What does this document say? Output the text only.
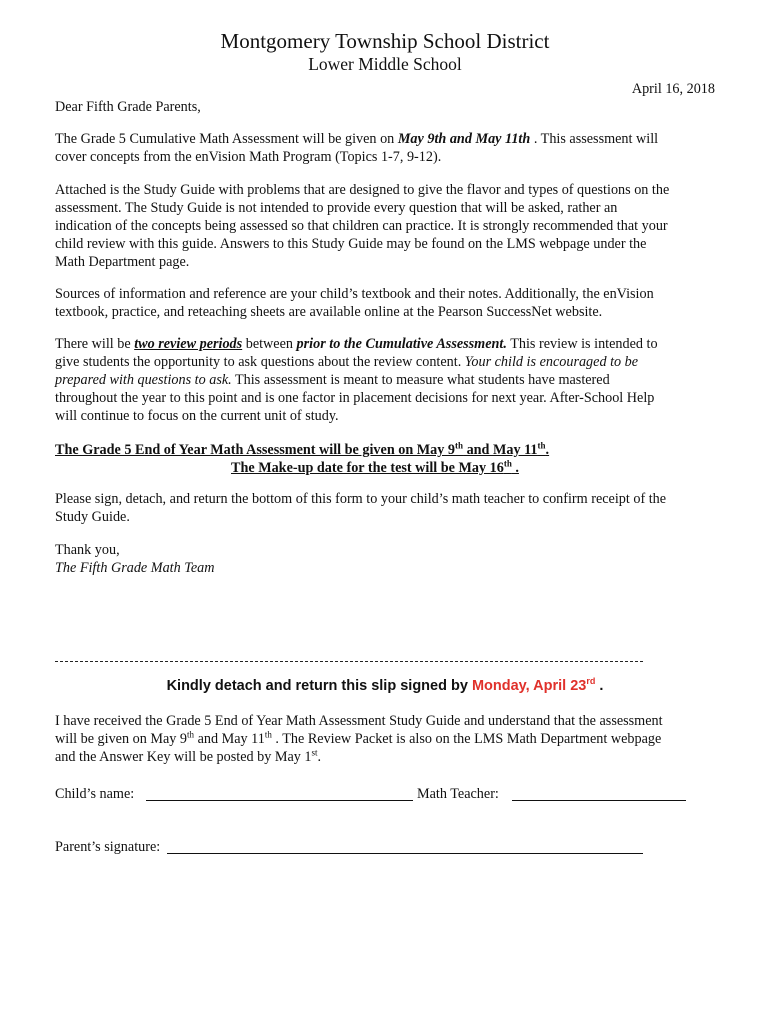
Montgomery Township School District
Lower Middle School
April 16, 2018
Dear Fifth Grade Parents,
The Grade 5 Cumulative Math Assessment will be given on May 9th and May 11th . This assessment will
cover concepts from the enVision Math Program (Topics 1-7, 9-12).
Attached is the Study Guide with problems that are designed to give the flavor and types of questions on the
assessment. The Study Guide is not intended to provide every question that will be asked, rather an
indication of the concepts being assessed so that children can practice. It is strongly recommended that your
child review with this guide. Answers to this Study Guide may be found on the LMS webpage under the
Math Department page.
Sources of information and reference are your child’s textbook and their notes. Additionally, the enVision
textbook, practice, and reteaching sheets are available online at the Pearson SuccessNet website.
There will be two review periods between prior to the Cumulative Assessment. This review is intended to
give students the opportunity to ask questions about the review content. Your child is encouraged to be
prepared with questions to ask. This assessment is meant to measure what students have mastered
throughout the year to this point and is one factor in placement decisions for next year. After-School Help
will continue to focus on the current unit of study.
The Grade 5 End of Year Math Assessment will be given on May 9th and May 11th.
The Make-up date for the test will be May 16th .
Please sign, detach, and return the bottom of this form to your child’s math teacher to confirm receipt of the
Study Guide.
Thank you,
The Fifth Grade Math Team
Kindly detach and return this slip signed by Monday, April 23rd .
I have received the Grade 5 End of Year Math Assessment Study Guide and understand that the assessment
will be given on May 9th and May 11th . The Review Packet is also on the LMS Math Department webpage
and the Answer Key will be posted by May 1st.
Child’s name:	Math Teacher:
Parent’s signature:
